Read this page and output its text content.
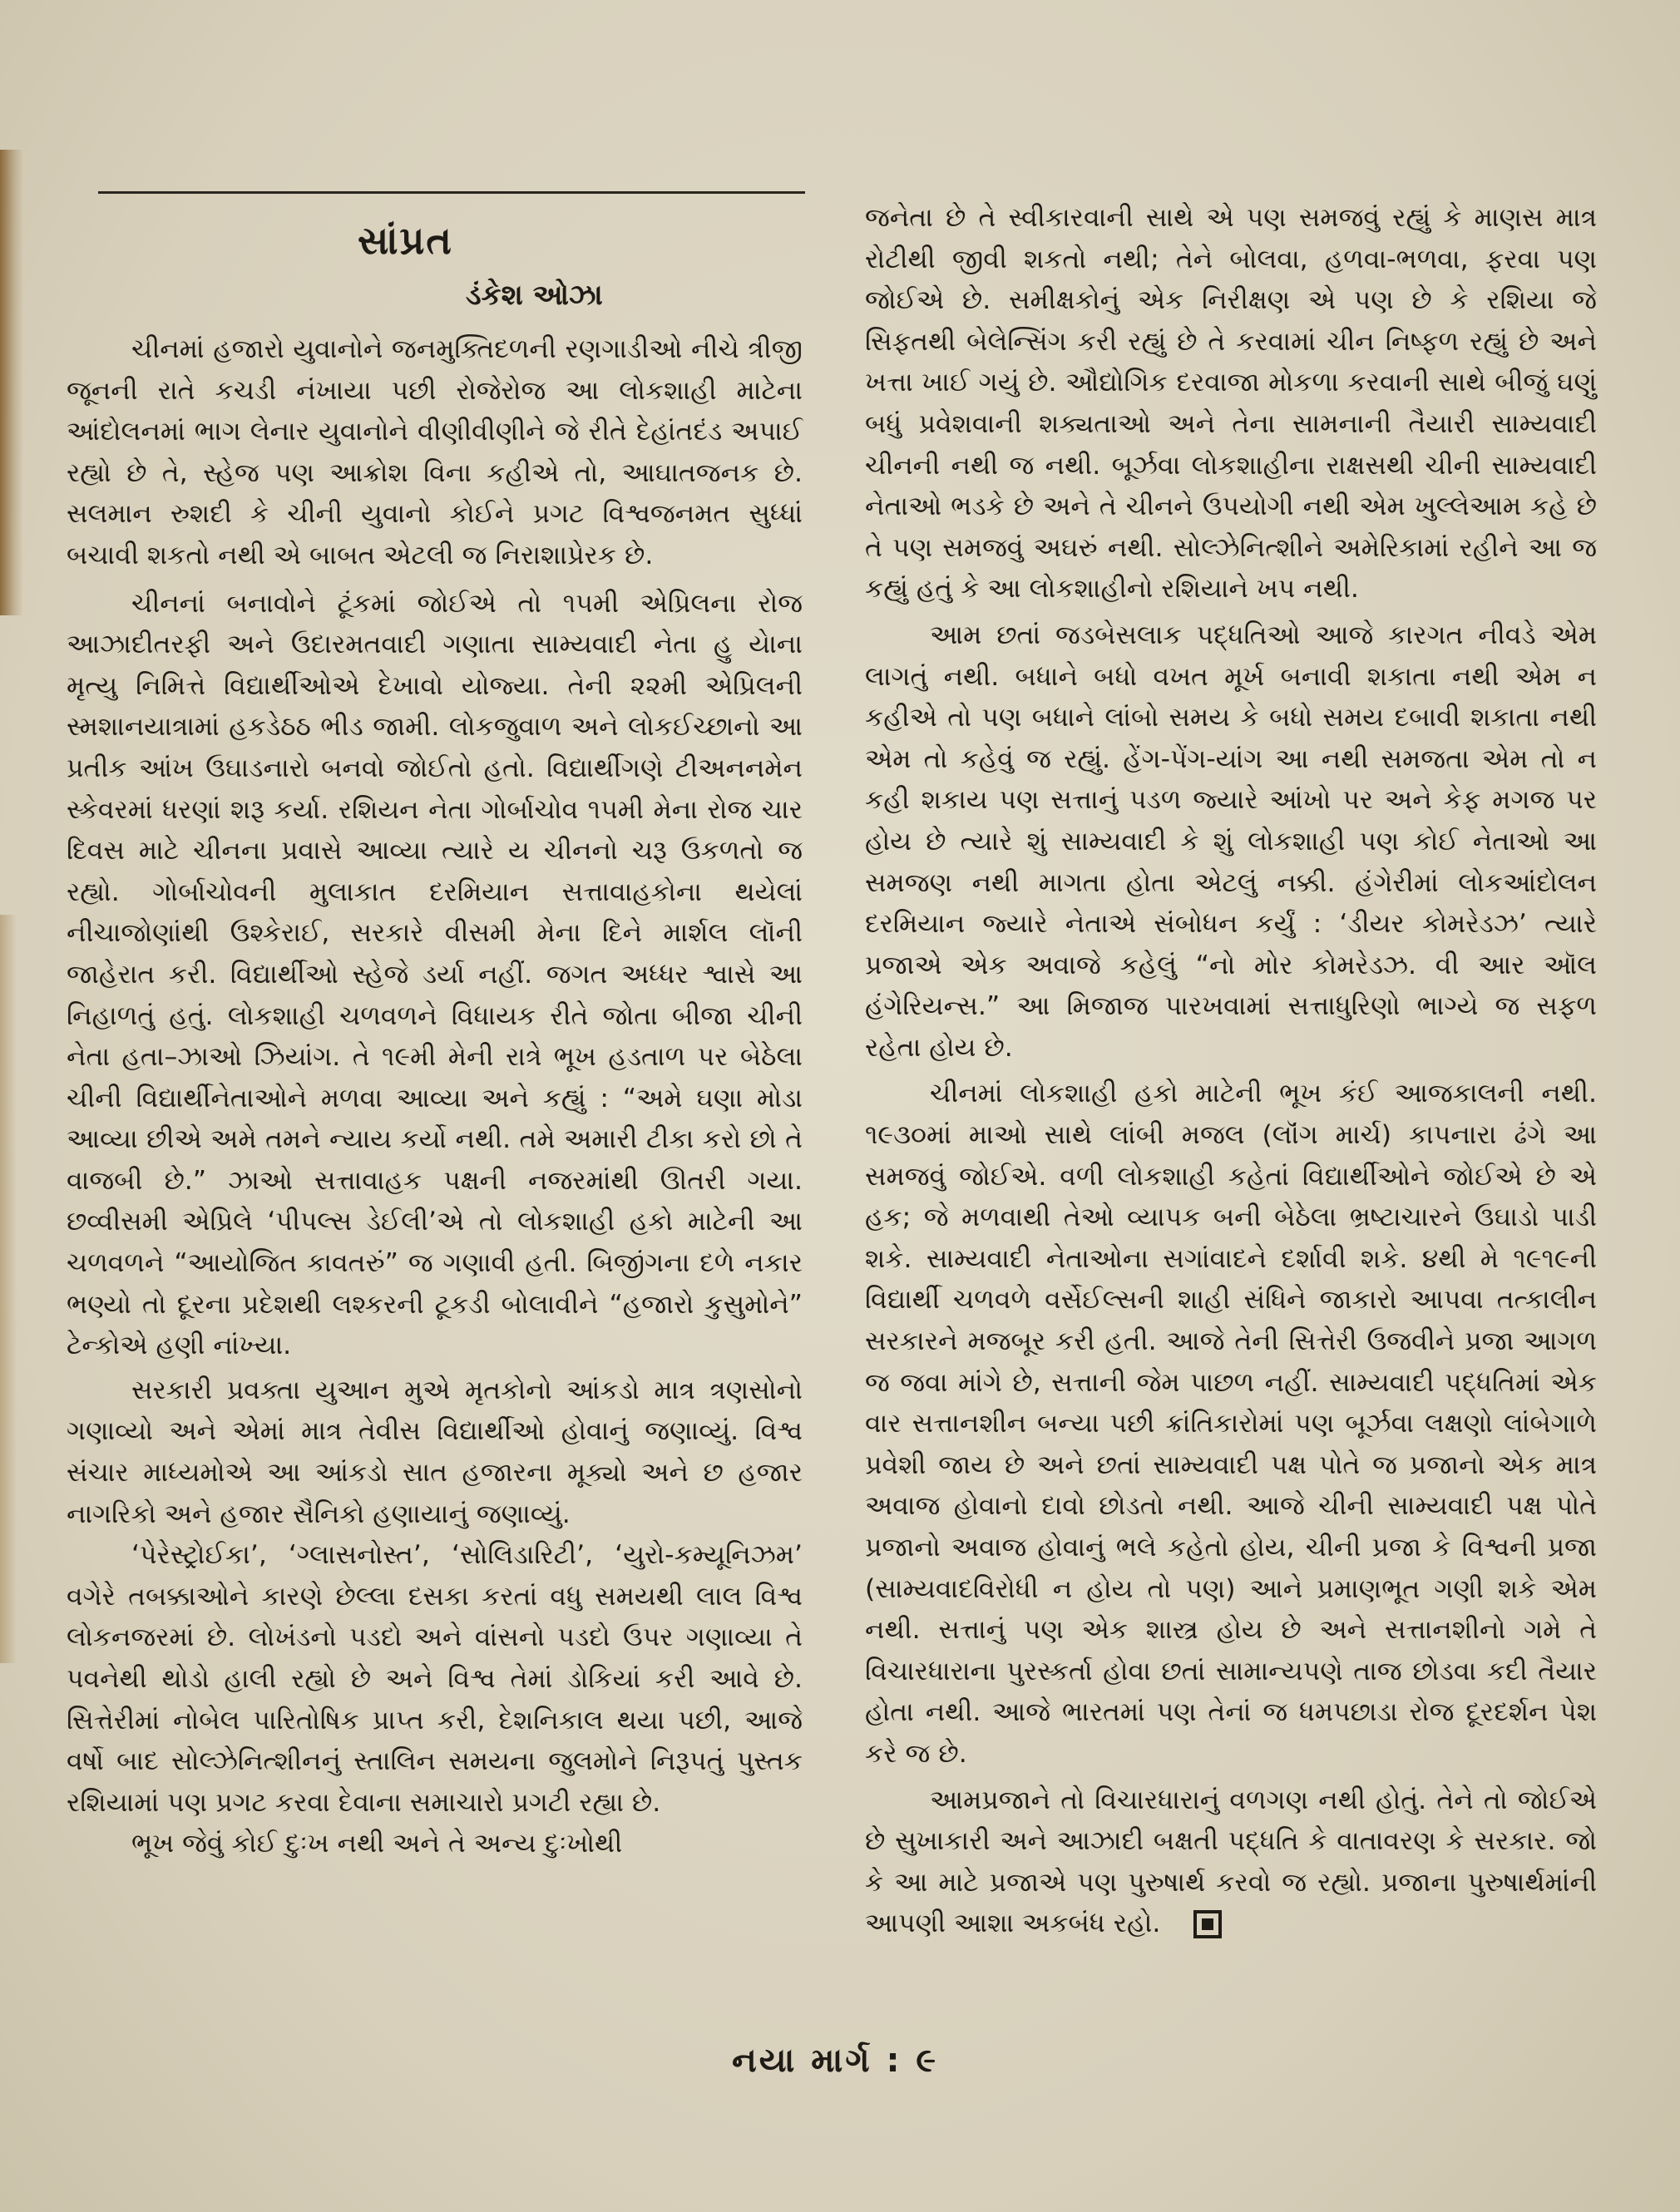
સાંપ્રત
ડંકેશ ઓઝા

ચીનમાં હજારો યુવાનોને જનમુક્તિદળની રણગાડીઓ નીચે ત્રીજી જૂનની રાતે કચડી નંખાયા પછી રોજેરોજ આ લોકશાહી માટેના આંદોલનમાં ભાગ લેનાર યુવાનોને વીણીવીણીને જે રીતે દેહાંતદંડ અપાઈ રહ્યો છે તે, સ્હેજ પણ આક્રોશ વિના કહીએ તો, આઘાતજનક છે. સલમાન રુશદી કે ચીની યુવાનો કોઈને પ્રગટ વિશ્વજનમત સુધ્ધાં બચાવી શકતો નથી એ બાબત એટલી જ નિરાશાપ્રેરક છે.

ચીનનાં બનાવોને ટૂંકમાં જોઈએ તો ૧૫મી એપ્રિલના રોજ આઝાદીતરફી અને ઉદારમતવાદી ગણાતા સામ્યવાદી નેતા હુ યેાના મૃત્યુ નિમિત્તે વિદ્યાર્થીઓએ દેખાવો યોજ્યા. તેની ૨૨મી એપ્રિલની સ્મશાનયાત્રામાં હકડેઠઠ ભીડ જામી. લોકજુવાળ અને લોકઈચ્છાનો આ પ્રતીક આંખ ઉઘાડનારો બનવો જોઈતો હતો. વિદ્યાર્થીગણે ટીઅનનમેન સ્કેવરમાં ધરણાં શરૂ કર્યા. રશિયન નેતા ગોર્બાચોવ ૧૫મી મેના રોજ ચાર દિવસ માટે ચીનના પ્રવાસે આવ્યા ત્યારે ય ચીનનો ચરૂ ઉકળતો જ રહ્યો. ગોર્બાચોવની મુલાકાત દરમિયાન સત્તાવાહકોના થયેલાં નીચાજોણાંથી ઉશ્કેરાઈ, સરકારે વીસમી મેના દિને માર્શલ લૉની જાહેરાત કરી. વિદ્યાર્થીઓ સ્હેજે ડર્યા નહીં. જગત અધ્ધર શ્વાસે આ નિહાળતું હતું. લોકશાહી ચળવળને વિધાયક રીતે જોતા બીજા ચીની નેતા હતા–ઝાઓ ઝિયાંગ. તે ૧૯મી મેની રાત્રે ભૂખ હડતાળ પર બેઠેલા ચીની વિદ્યાર્થીનેતાઓને મળવા આવ્યા અને કહ્યું : “અમે ઘણા મોડા આવ્યા છીએ અમે તમને ન્યાય કર્યો નથી. તમે અમારી ટીકા કરો છો તે વાજબી છે.” ઝાઓ સત્તાવાહક પક્ષની નજરમાંથી ઊતરી ગયા. છવ્વીસમી એપ્રિલે ‘પીપલ્સ ડેઈલી’એ તો લોકશાહી હકો માટેની આ ચળવળને “આયોજિત કાવતરું” જ ગણાવી હતી. બિજીંગના દળે નકાર ભણ્યો તો દૂરના પ્રદેશથી લશ્કરની ટૂકડી બોલાવીને “હજારો કુસુમોને” ટેન્કોએ હણી નાંખ્યા.

સરકારી પ્રવક્તા યુઆન મુએ મૃતકોનો આંકડો માત્ર ત્રણસોનો ગણાવ્યો અને એમાં માત્ર તેવીસ વિદ્યાર્થીઓ હોવાનું જણાવ્યું. વિશ્વ સંચાર માધ્યમોએ આ આંકડો સાત હજારના મૂક્યો અને છ હજાર નાગરિકો અને હજાર સૈનિકો હણાયાનું જણાવ્યું.

‘પેરેસ્ટ્રોઈકા’, ‘ગ્લાસનોસ્ત’, ‘સોલિડારિટી’, ‘યુરો-કમ્યૂનિઝમ’ વગેરે તબક્કાઓને કારણે છેલ્લા દસકા કરતાં વધુ સમયથી લાલ વિશ્વ લોકનજરમાં છે. લોખંડનો પડદો અને વાંસનો પડદો ઉપર ગણાવ્યા તે પવનેથી થોડો હાલી રહ્યો છે અને વિશ્વ તેમાં ડોકિયાં કરી આવે છે. સિત્તેરીમાં નોબેલ પારિતોષિક પ્રાપ્ત કરી, દેશનિકાલ થયા પછી, આજે વર્ષો બાદ સોલ્ઝેનિત્શીનનું સ્તાલિન સમયના જુલમોને નિરૂપતું પુસ્તક રશિયામાં પણ પ્રગટ કરવા દેવાના સમાચારો પ્રગટી રહ્યા છે.

ભૂખ જેવું કોઈ દુઃખ નથી અને તે અન્ય દુઃખોથી

જનેતા છે તે સ્વીકારવાની સાથે એ પણ સમજવું રહ્યું કે માણસ માત્ર રોટીથી જીવી શકતો નથી; તેને બોલવા, હળવા-ભળવા, ફરવા પણ જોઈએ છે. સમીક્ષકોનું એક નિરીક્ષણ એ પણ છે કે રશિયા જે સિફતથી બેલેન્સિંગ કરી રહ્યું છે તે કરવામાં ચીન નિષ્ફળ રહ્યું છે અને ખત્તા ખાઈ ગયું છે. ઔદ્યોગિક દરવાજા મોકળા કરવાની સાથે બીજું ઘણું બધું પ્રવેશવાની શક્યતાઓ અને તેના સામનાની તૈયારી સામ્યવાદી ચીનની નથી જ નથી. બૂર્ઝવા લોકશાહીના રાક્ષસથી ચીની સામ્યવાદી નેતાઓ ભડકે છે અને તે ચીનને ઉપયોગી નથી એમ ખુલ્લેઆમ કહે છે તે પણ સમજવું અઘરું નથી. સોલ્ઝેનિત્શીને અમેરિકામાં રહીને આ જ કહ્યું હતું કે આ લોકશાહીનો રશિયાને ખપ નથી.

આમ છતાં જડબેસલાક પદ્ધતિઓ આજે કારગત નીવડે એમ લાગતું નથી. બધાને બધો વખત મૂર્ખ બનાવી શકાતા નથી એમ ન કહીએ તો પણ બધાને લાંબો સમય કે બધો સમય દબાવી શકાતા નથી એમ તો કહેવું જ રહ્યું. હેંગ-પેંગ-યાંગ આ નથી સમજતા એમ તો ન કહી શકાય પણ સત્તાનું પડળ જ્યારે આંખો પર અને કેફ મગજ પર હોય છે ત્યારે શું સામ્યવાદી કે શું લોકશાહી પણ કોઈ નેતાઓ આ સમજણ નથી માગતા હોતા એટલું નક્કી. હંગેરીમાં લોકઆંદોલન દરમિયાન જ્યારે નેતાએ સંબોધન કર્યું : ‘ડીયર કોમરેડઝ’ ત્યારે પ્રજાએ એક અવાજે કહેલું “નો મોર કોમરેડઝ. વી આર ઑલ હંગેરિયન્સ.” આ મિજાજ પારખવામાં સત્તાધુરિણો ભાગ્યે જ સફળ રહેતા હોય છે.

ચીનમાં લોકશાહી હકો માટેની ભૂખ કંઈ આજકાલની નથી. ૧૯૩૦માં માઓ સાથે લાંબી મજલ (લૉંગ માર્ચ) કાપનારા ઢંગે આ સમજવું જોઈએ. વળી લોકશાહી કહેતાં વિદ્યાર્થીઓને જોઈએ છે એ હક; જે મળવાથી તેઓ વ્યાપક બની બેઠેલા ભ્રષ્ટાચારને ઉઘાડો પાડી શકે. સામ્યવાદી નેતાઓના સગાંવાદને દર્શાવી શકે. ૪થી મે ૧૯૧૯ની વિદ્યાર્થી ચળવળે વર્સેઈલ્સની શાહી સંધિને જાકારો આપવા તત્કાલીન સરકારને મજબૂર કરી હતી. આજે તેની સિત્તેરી ઉજવીને પ્રજા આગળ જ જવા માંગે છે, સત્તાની જેમ પાછળ નહીં. સામ્યવાદી પદ્ધતિમાં એક વાર સત્તાનશીન બન્યા પછી ક્રાંતિકારોમાં પણ બૂર્ઝવા લક્ષણો લાંબેગાળે પ્રવેશી જાય છે અને છતાં સામ્યવાદી પક્ષ પોતે જ પ્રજાનો એક માત્ર અવાજ હોવાનો દાવો છોડતો નથી. આજે ચીની સામ્યવાદી પક્ષ પોતે પ્રજાનો અવાજ હોવાનું ભલે કહેતો હોય, ચીની પ્રજા કે વિશ્વની પ્રજા (સામ્યવાદવિરોધી ન હોય તો પણ) આને પ્રમાણભૂત ગણી શકે એમ નથી. સત્તાનું પણ એક શાસ્ત્ર હોય છે અને સત્તાનશીનો ગમે તે વિચારધારાના પુરસ્કર્તા હોવા છતાં સામાન્યપણે તાજ છોડવા કદી તૈયાર હોતા નથી. આજે ભારતમાં પણ તેનાં જ ધમપછાડા રોજ દૂરદર્શન પેશ કરે જ છે.

આમપ્રજાને તો વિચારધારાનું વળગણ નથી હોતું. તેને તો જોઈએ છે સુખાકારી અને આઝાદી બક્ષતી પદ્ધતિ કે વાતાવરણ કે સરકાર. જો કે આ માટે પ્રજાએ પણ પુરુષાર્થ કરવો જ રહ્યો. પ્રજાના પુરુષાર્થમાંની આપણી આશા અકબંધ રહો.

નયા માર્ગ : ૯
